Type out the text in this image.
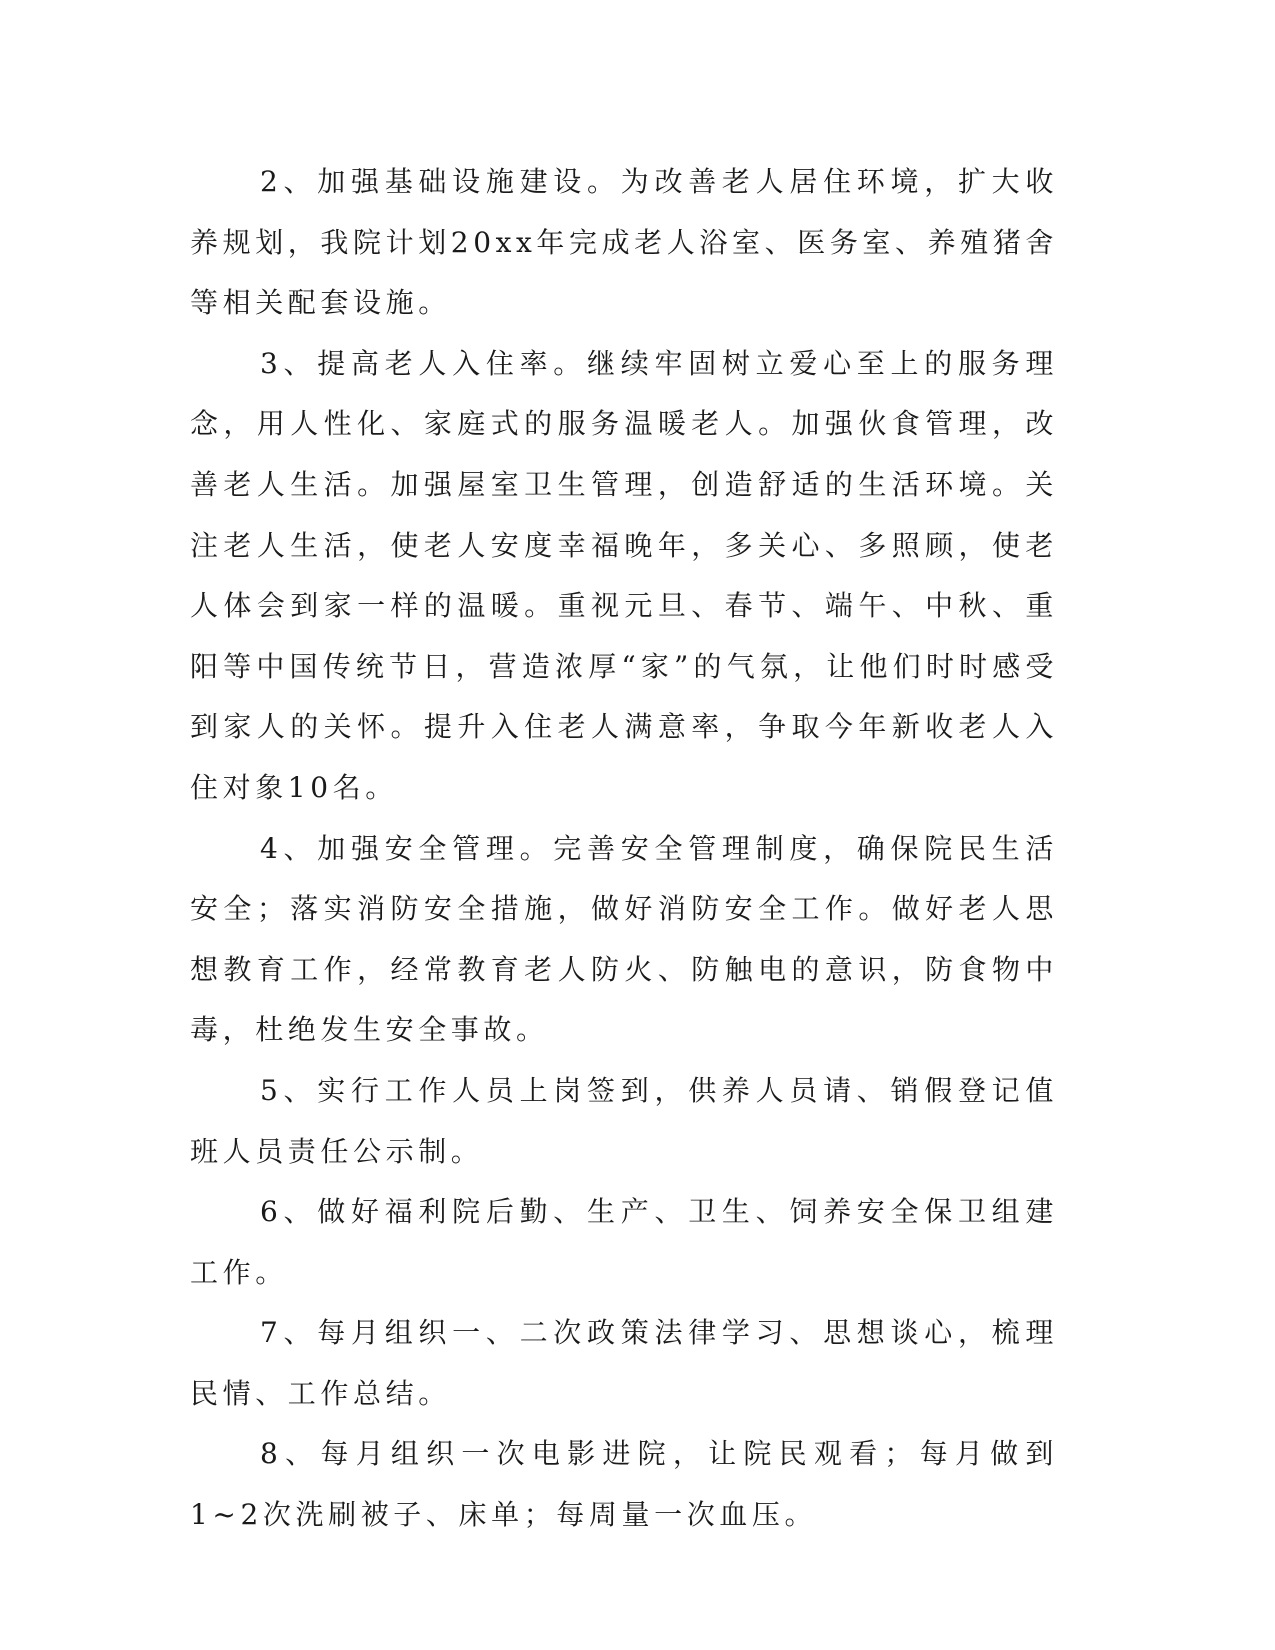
2、加强基础设施建设。为改善老人居住环境，扩大收养规划，我院计划20xx年完成老人浴室、医务室、养殖猪舍等相关配套设施。

3、提高老人入住率。继续牢固树立爱心至上的服务理念，用人性化、家庭式的服务温暖老人。加强伙食管理，改善老人生活。加强屋室卫生管理，创造舒适的生活环境。关注老人生活，使老人安度幸福晚年，多关心、多照顾，使老人体会到家一样的温暖。重视元旦、春节、端午、中秋、重阳等中国传统节日，营造浓厚“家”的气氛，让他们时时感受到家人的关怀。提升入住老人满意率，争取今年新收老人入住对象10名。

4、加强安全管理。完善安全管理制度，确保院民生活安全；落实消防安全措施，做好消防安全工作。做好老人思想教育工作，经常教育老人防火、防触电的意识，防食物中毒，杜绝发生安全事故。

5、实行工作人员上岗签到，供养人员请、销假登记值班人员责任公示制。

6、做好福利院后勤、生产、卫生、饲养安全保卫组建工作。

7、每月组织一、二次政策法律学习、思想谈心，梳理民情、工作总结。

8、每月组织一次电影进院，让院民观看；每月做到1~2次洗刷被子、床单；每周量一次血压。
